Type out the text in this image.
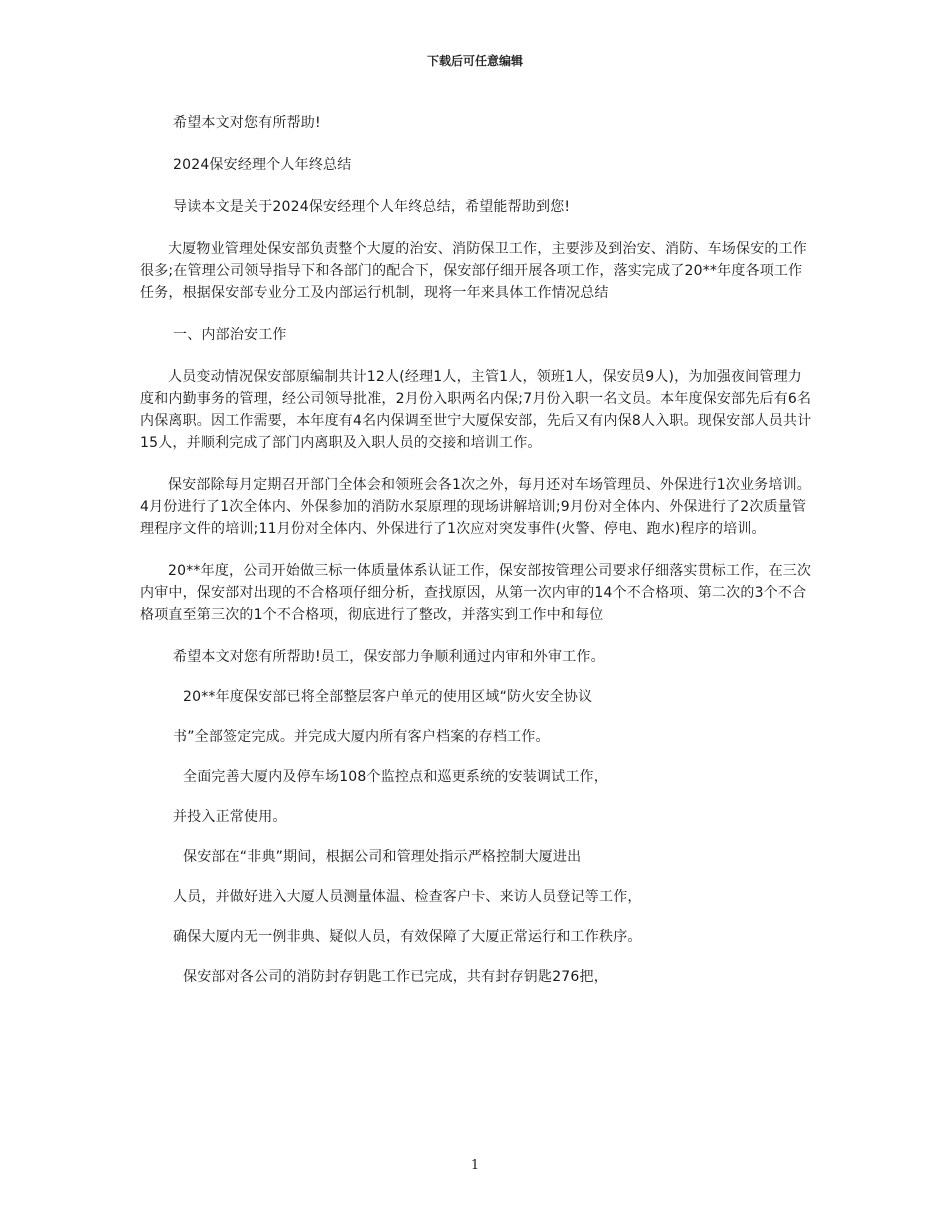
下载后可任意编辑

希望本文对您有所帮助!

2024保安经理个人年终总结

导读本文是关于2024保安经理个人年终总结，希望能帮助到您!

大厦物业管理处保安部负责整个大厦的治安、消防保卫工作，主要涉及到治安、消防、车场保安的工作很多;在管理公司领导指导下和各部门的配合下，保安部仔细开展各项工作，落实完成了20**年度各项工作任务，根据保安部专业分工及内部运行机制，现将一年来具体工作情况总结

一、内部治安工作

人员变动情况保安部原编制共计12人(经理1人，主管1人，领班1人，保安员9人)，为加强夜间管理力度和内勤事务的管理，经公司领导批准，2月份入职两名内保;7月份入职一名文员。本年度保安部先后有6名内保离职。因工作需要，本年度有4名内保调至世宁大厦保安部，先后又有内保8人入职。现保安部人员共计15人，并顺利完成了部门内离职及入职人员的交接和培训工作。

保安部除每月定期召开部门全体会和领班会各1次之外，每月还对车场管理员、外保进行1次业务培训。4月份进行了1次全体内、外保参加的消防水泵原理的现场讲解培训;9月份对全体内、外保进行了2次质量管理程序文件的培训;11月份对全体内、外保进行了1次应对突发事件(火警、停电、跑水)程序的培训。

20**年度，公司开始做三标一体质量体系认证工作，保安部按管理公司要求仔细落实贯标工作，在三次内审中，保安部对出现的不合格项仔细分析，查找原因，从第一次内审的14个不合格项、第二次的3个不合格项直至第三次的1个不合格项，彻底进行了整改，并落实到工作中和每位

希望本文对您有所帮助!员工，保安部力争顺利通过内审和外审工作。

20**年度保安部已将全部整层客户单元的使用区域“防火安全协议

书”全部签定完成。并完成大厦内所有客户档案的存档工作。

全面完善大厦内及停车场108个监控点和巡更系统的安装调试工作，

并投入正常使用。

保安部在“非典”期间，根据公司和管理处指示严格控制大厦进出

人员，并做好进入大厦人员测量体温、检查客户卡、来访人员登记等工作，

确保大厦内无一例非典、疑似人员，有效保障了大厦正常运行和工作秩序。

保安部对各公司的消防封存钥匙工作已完成，共有封存钥匙276把，

1
